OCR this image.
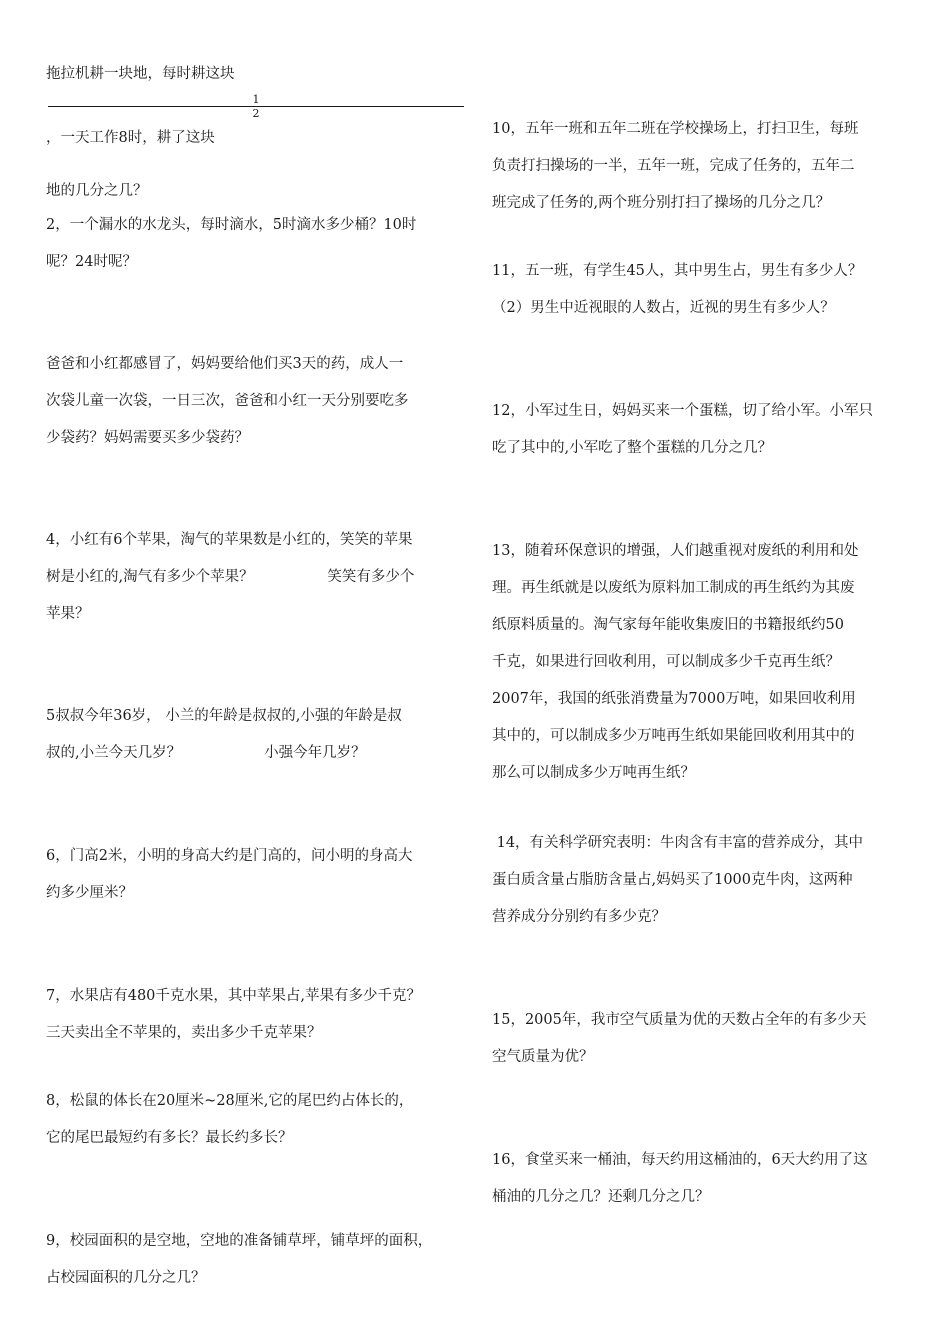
拖拉机耕一块地，每时耕这块
1
2
，一天工作8时，耕了这块
地的几分之几？
2，一个漏水的水龙头，每时滴水，5时滴水多少桶？10时
呢？24时呢？
爸爸和小红都感冒了，妈妈要给他们买3天的药，成人一
次袋儿童一次袋，一日三次，爸爸和小红一天分别要吃多
少袋药？妈妈需要买多少袋药？
4，小红有6个苹果，淘气的苹果数是小红的，笑笑的苹果
树是小红的,淘气有多少个苹果？                笑笑有多少个
苹果？
5叔叔今年36岁， 小兰的年龄是叔叔的,小强的年龄是叔
叔的,小兰今天几岁？                  小强今年几岁？
6，门高2米，小明的身高大约是门高的，问小明的身高大
约多少厘米？
7，水果店有480千克水果，其中苹果占,苹果有多少千克？
三天卖出全不苹果的，卖出多少千克苹果？
8，松鼠的体长在20厘米~28厘米,它的尾巴约占体长的，
它的尾巴最短约有多长？最长约多长？
9，校园面积的是空地，空地的准备铺草坪，铺草坪的面积，
占校园面积的几分之几？
10，五年一班和五年二班在学校操场上，打扫卫生，每班
负责打扫操场的一半，五年一班，完成了任务的，五年二
班完成了任务的,两个班分别打扫了操场的几分之几？
11，五一班，有学生45人，其中男生占，男生有多少人？
（2）男生中近视眼的人数占，近视的男生有多少人？
12，小军过生日，妈妈买来一个蛋糕，切了给小军。小军只
吃了其中的,小军吃了整个蛋糕的几分之几？
13，随着环保意识的增强，人们越重视对废纸的利用和处
理。再生纸就是以废纸为原料加工制成的再生纸约为其废
纸原料质量的。淘气家每年能收集废旧的书籍报纸约50
千克，如果进行回收利用，可以制成多少千克再生纸？
2007年，我国的纸张消费量为7000万吨，如果回收利用
其中的，可以制成多少万吨再生纸如果能回收利用其中的
那么可以制成多少万吨再生纸？
14，有关科学研究表明：牛肉含有丰富的营养成分，其中
蛋白质含量占脂肪含量占,妈妈买了1000克牛肉，这两种
营养成分分别约有多少克？
15，2005年，我市空气质量为优的天数占全年的有多少天
空气质量为优？
16，食堂买来一桶油，每天约用这桶油的，6天大约用了这
桶油的几分之几？还剩几分之几？
